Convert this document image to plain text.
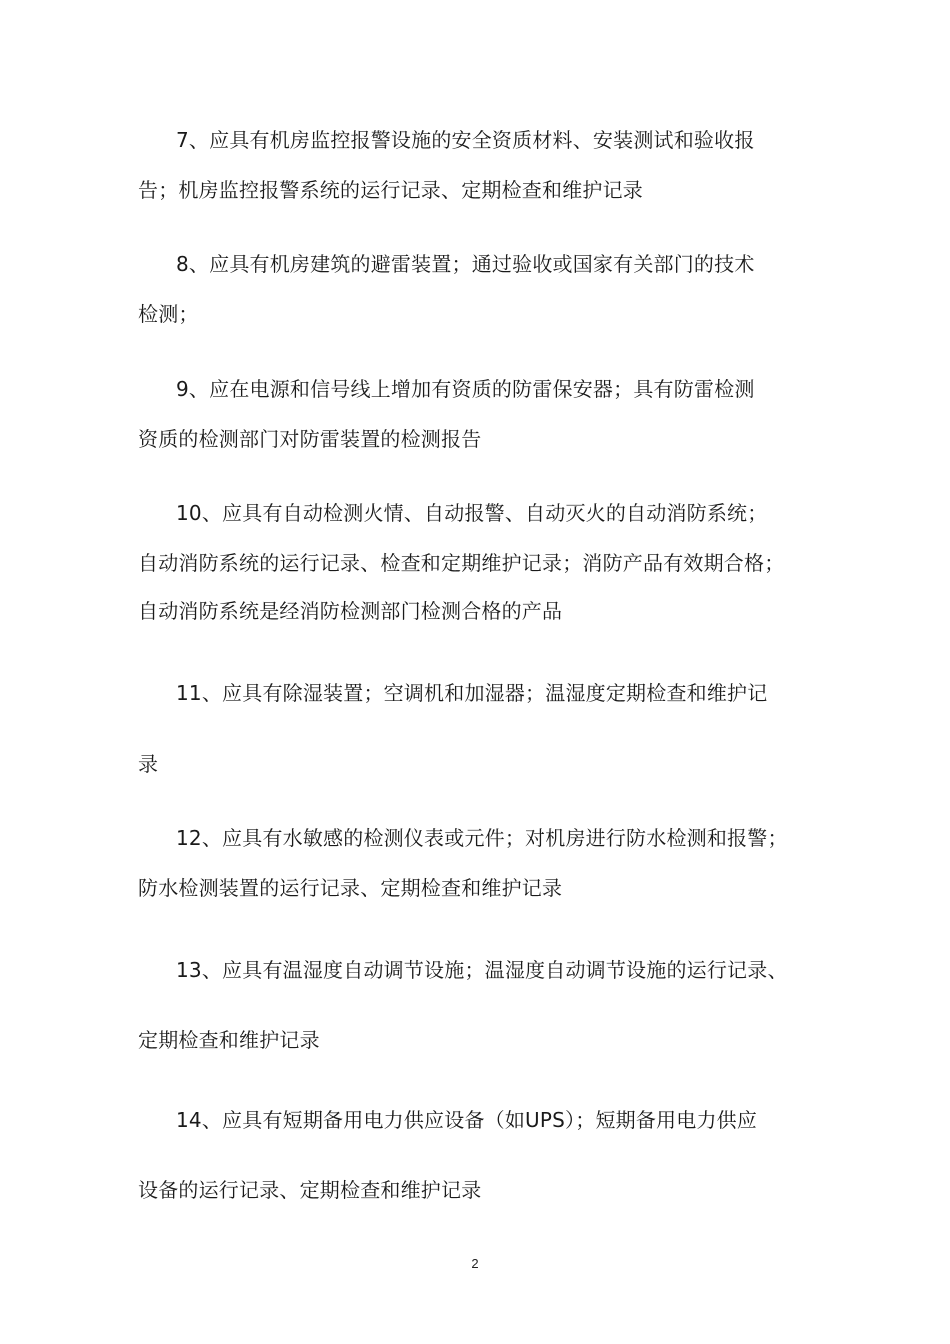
7、应具有机房监控报警设施的安全资质材料、安装测试和验收报
告；机房监控报警系统的运行记录、定期检查和维护记录
8、应具有机房建筑的避雷装置；通过验收或国家有关部门的技术
检测；
9、应在电源和信号线上增加有资质的防雷保安器；具有防雷检测
资质的检测部门对防雷装置的检测报告
10、应具有自动检测火情、自动报警、自动灭火的自动消防系统；
自动消防系统的运行记录、检查和定期维护记录；消防产品有效期合格；
自动消防系统是经消防检测部门检测合格的产品
11、应具有除湿装置；空调机和加湿器；温湿度定期检查和维护记
录
12、应具有水敏感的检测仪表或元件；对机房进行防水检测和报警；
防水检测装置的运行记录、定期检查和维护记录
13、应具有温湿度自动调节设施；温湿度自动调节设施的运行记录、
定期检查和维护记录
14、应具有短期备用电力供应设备（如UPS）；短期备用电力供应
设备的运行记录、定期检查和维护记录
2
